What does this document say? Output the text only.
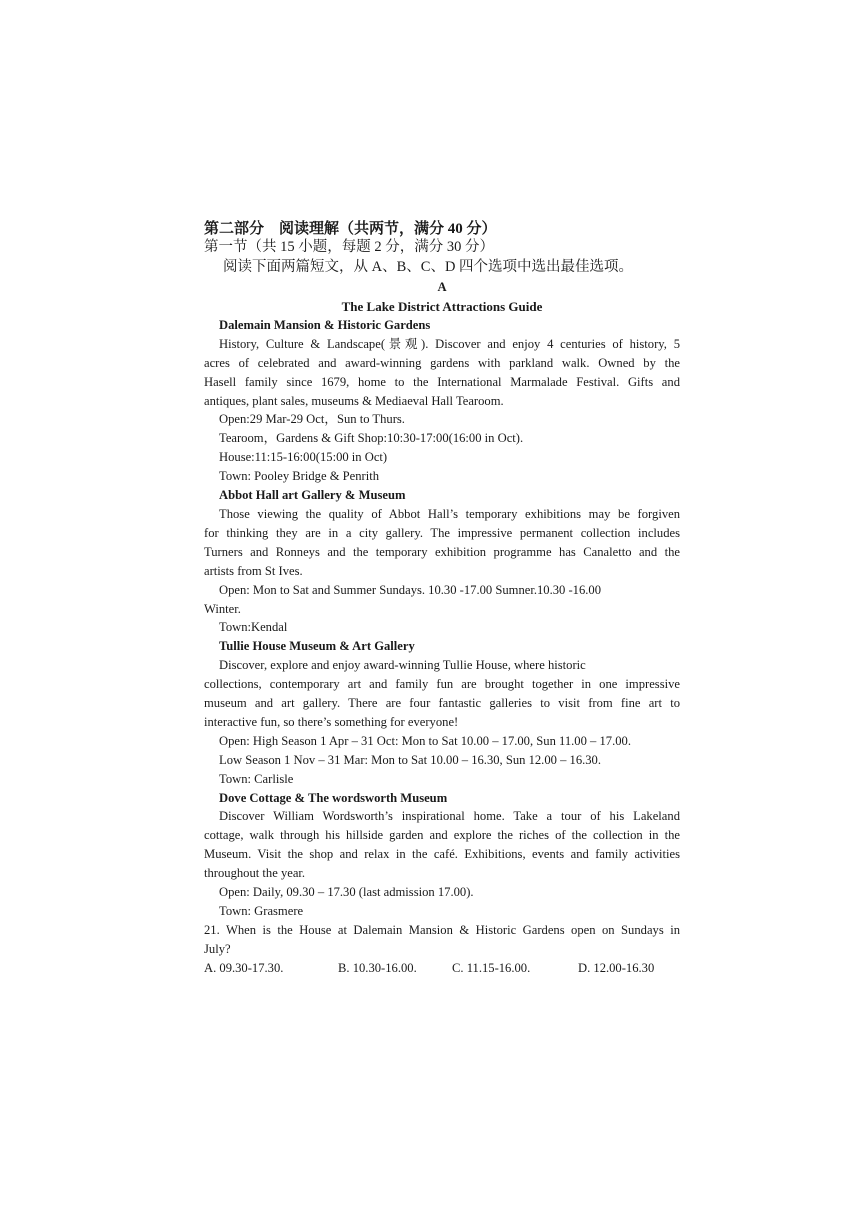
第二部分　阅读理解（共两节，满分 40 分）
第一节（共 15 小题，每题 2 分，满分 30 分）
阅读下面两篇短文，从 A、B、C、D 四个选项中选出最佳选项。
A
The Lake District Attractions Guide
Dalemain Mansion & Historic Gardens
History, Culture & Landscape(景观). Discover and enjoy 4 centuries of history, 5
acres of celebrated and award-winning gardens with parkland walk. Owned by the
Hasell family since 1679, home to the International Marmalade Festival. Gifts and
antiques, plant sales, museums & Mediaeval Hall Tearoom.
Open:29 Mar-29 Oct，Sun to Thurs.
Tearoom，Gardens & Gift Shop:10:30-17:00(16:00 in Oct).
House:11:15-16:00(15:00 in Oct)
Town: Pooley Bridge & Penrith
Abbot Hall art Gallery & Museum
Those viewing the quality of Abbot Hall’s temporary exhibitions may be forgiven
for thinking they are in a city gallery. The impressive permanent collection includes
Turners and Ronneys and the temporary exhibition programme has Canaletto and the
artists from St Ives.
Open: Mon to Sat and Summer Sundays. 10.30 -17.00 Sumner.10.30 -16.00
Winter.
Town:Kendal
Tullie House Museum & Art Gallery
Discover, explore and enjoy award-winning Tullie House, where historic
collections, contemporary art and family fun are brought together in one impressive
museum and art gallery. There are four fantastic galleries to visit from fine art to
interactive fun, so there’s something for everyone!
Open: High Season 1 Apr – 31 Oct: Mon to Sat 10.00 – 17.00, Sun 11.00 – 17.00.
Low Season 1 Nov – 31 Mar: Mon to Sat 10.00 – 16.30, Sun 12.00 – 16.30.
Town: Carlisle
Dove Cottage & The wordsworth Museum
Discover William Wordsworth’s inspirational home. Take a tour of his Lakeland
cottage, walk through his hillside garden and explore the riches of the collection in the
Museum. Visit the shop and relax in the café. Exhibitions, events and family activities
throughout the year.
Open: Daily, 09.30 – 17.30 (last admission 17.00).
Town: Grasmere
21. When is the House at Dalemain Mansion & Historic Gardens open on Sundays in
July?
A. 09.30-17.30.	B. 10.30-16.00.	C. 11.15-16.00.	D. 12.00-16.30
